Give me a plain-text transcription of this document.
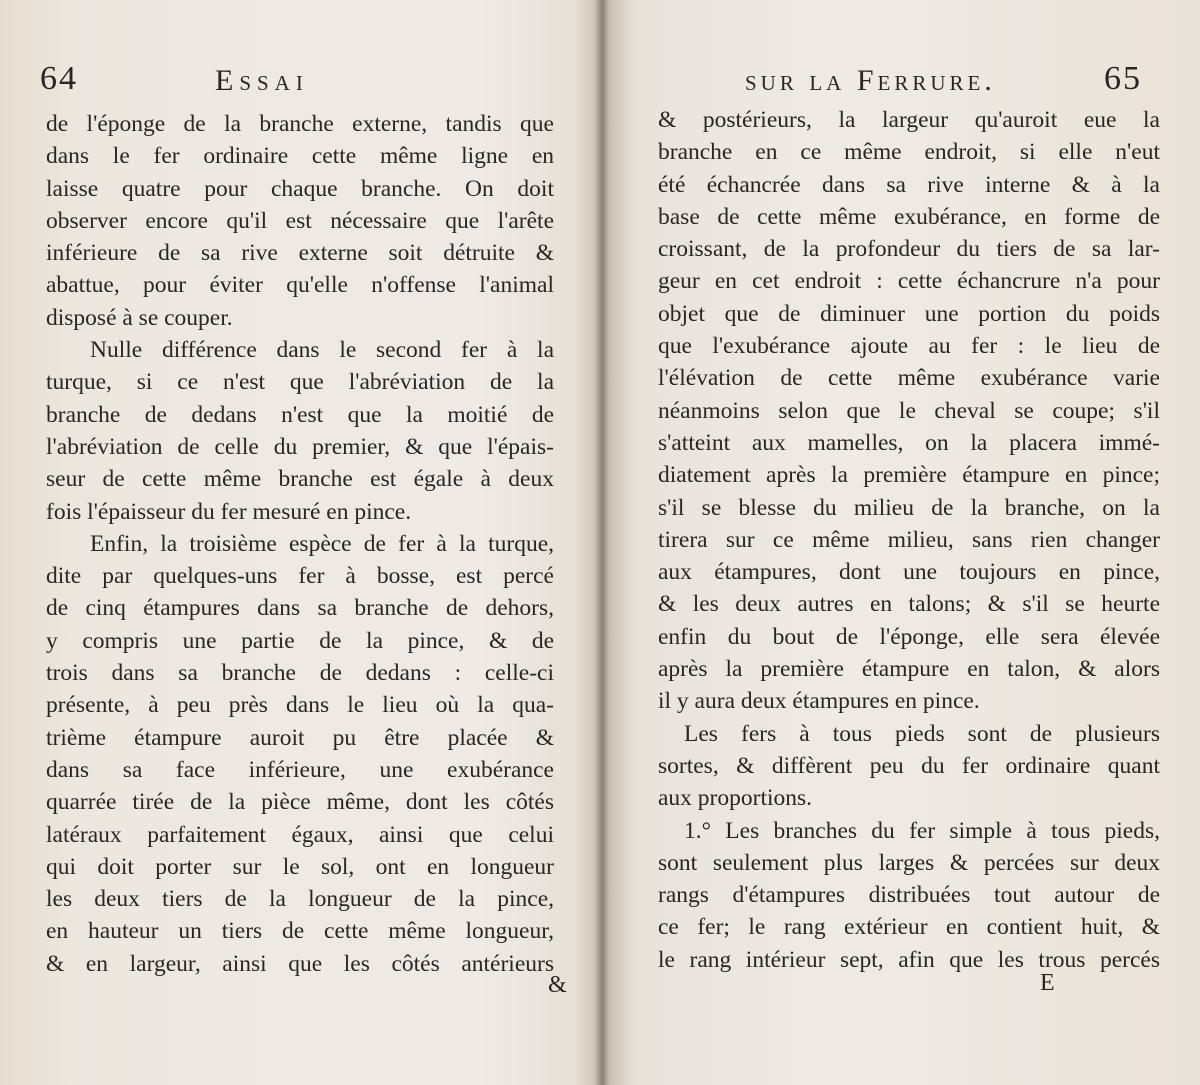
64	Essai
de l'éponge de la branche externe, tandis que
dans le fer ordinaire cette même ligne en
laisse quatre pour chaque branche. On doit
observer encore qu'il est nécessaire que l'arête
inférieure de sa rive externe soit détruite &
abattue, pour éviter qu'elle n'offense l'animal
disposé à se couper.
Nulle différence dans le second fer à la
turque, si ce n'est que l'abréviation de la
branche de dedans n'est que la moitié de
l'abréviation de celle du premier, & que l'épais-
seur de cette même branche est égale à deux
fois l'épaisseur du fer mesuré en pince.
Enfin, la troisième espèce de fer à la turque,
dite par quelques-uns fer à bosse, est percé
de cinq étampures dans sa branche de dehors,
y compris une partie de la pince, & de
trois dans sa branche de dedans : celle-ci
présente, à peu près dans le lieu où la qua-
trième étampure auroit pu être placée &
dans sa face inférieure, une exubérance
quarrée tirée de la pièce même, dont les côtés
latéraux parfaitement égaux, ainsi que celui
qui doit porter sur le sol, ont en longueur
les deux tiers de la longueur de la pince,
en hauteur un tiers de cette même longueur,
& en largeur, ainsi que les côtés antérieurs
&
sur la Ferrure.	65
& postérieurs, la largeur qu'auroit eue la
branche en ce même endroit, si elle n'eut
été échancrée dans sa rive interne & à la
base de cette même exubérance, en forme de
croissant, de la profondeur du tiers de sa lar-
geur en cet endroit : cette échancrure n'a pour
objet que de diminuer une portion du poids
que l'exubérance ajoute au fer : le lieu de
l'élévation de cette même exubérance varie
néanmoins selon que le cheval se coupe; s'il
s'atteint aux mamelles, on la placera immé-
diatement après la première étampure en pince;
s'il se blesse du milieu de la branche, on la
tirera sur ce même milieu, sans rien changer
aux étampures, dont une toujours en pince,
& les deux autres en talons; & s'il se heurte
enfin du bout de l'éponge, elle sera élevée
après la première étampure en talon, & alors
il y aura deux étampures en pince.
Les fers à tous pieds sont de plusieurs
sortes, & diffèrent peu du fer ordinaire quant
aux proportions.
1.° Les branches du fer simple à tous pieds,
sont seulement plus larges & percées sur deux
rangs d'étampures distribuées tout autour de
ce fer; le rang extérieur en contient huit, &
le rang intérieur sept, afin que les trous percés
E
